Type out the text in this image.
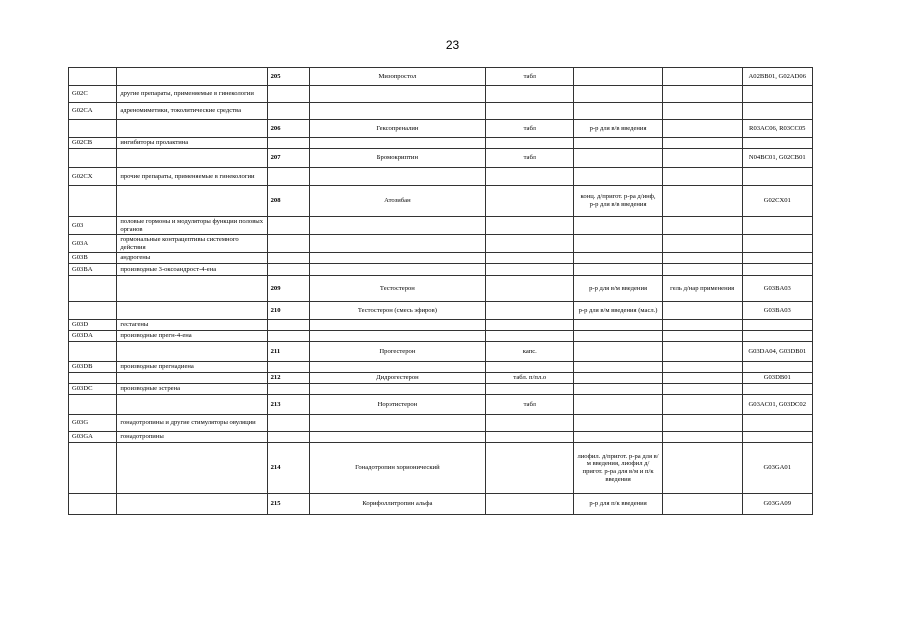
23
		205	Мизопростол	табл			A02BB01, G02AD06
G02C	другие препараты, применяемые в гинекологии						
G02CA	адреномиметики, токолитические средства						
		206	Гексопреналин	табл	р-р для в/в введения		R03AC06, R03CC05
G02CB	ингибиторы пролактина						
		207	Бромокриптин	табл			N04BC01, G02CB01
G02CX	прочие препараты, применяемые в гинекологии						
		208	Атозибан		конц. д/пригот. р-ра д/инф, р-р для в/в введения		G02CX01
G03	половые гормоны и модуляторы функции половых органов						
G03A	гормональные контрацептивы системного действия						
G03B	андрогены						
G03BA	производные 3-оксоандрост-4-ена						
		209	Тестостерон		р-р для в/м введения	гель д/нар применения	G03BA03
		210	Тестостерон (смесь эфиров)		р-р для в/м введения (масл.)		G03BA03
G03D	гестагены						
G03DA	производные прегн-4-ена						
		211	Прогестерон	капс.			G03DA04, G03DB01
G03DB	производные прегнадиена						
		212	Дидрогестерон	табл. п/пл.о			G03DB01
G03DC	производные эстрена						
		213	Норэтистерон	табл			G03AC01, G03DC02
G03G	гонадотропины и другие стимуляторы овуляции						
G03GA	гонадотропины						
		214	Гонадотропин хорионический		лиофил. д/пригот. р-ра для в/м введения, лиофил д/пригот. р-ра для в/м и п/к введения		G03GA01
		215	Корифоллитропин альфа		р-р для п/к введения		G03GA09
